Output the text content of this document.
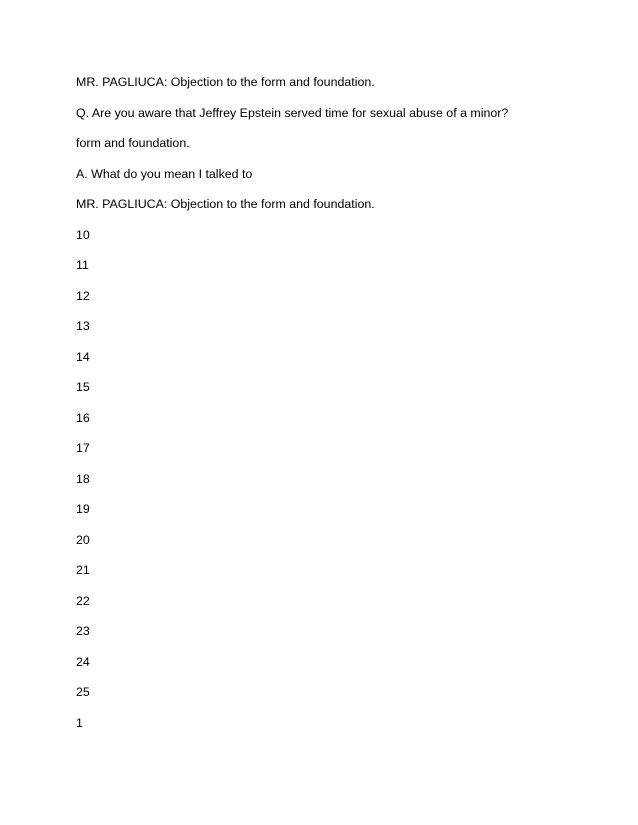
MR. PAGLIUCA: Objection to the form and foundation.
Q. Are you aware that Jeffrey Epstein served time for sexual abuse of a minor?
form and foundation.
A. What do you mean I talked to
MR. PAGLIUCA: Objection to the form and foundation.
10
11
12
13
14
15
16
17
18
19
20
21
22
23
24
25
1
